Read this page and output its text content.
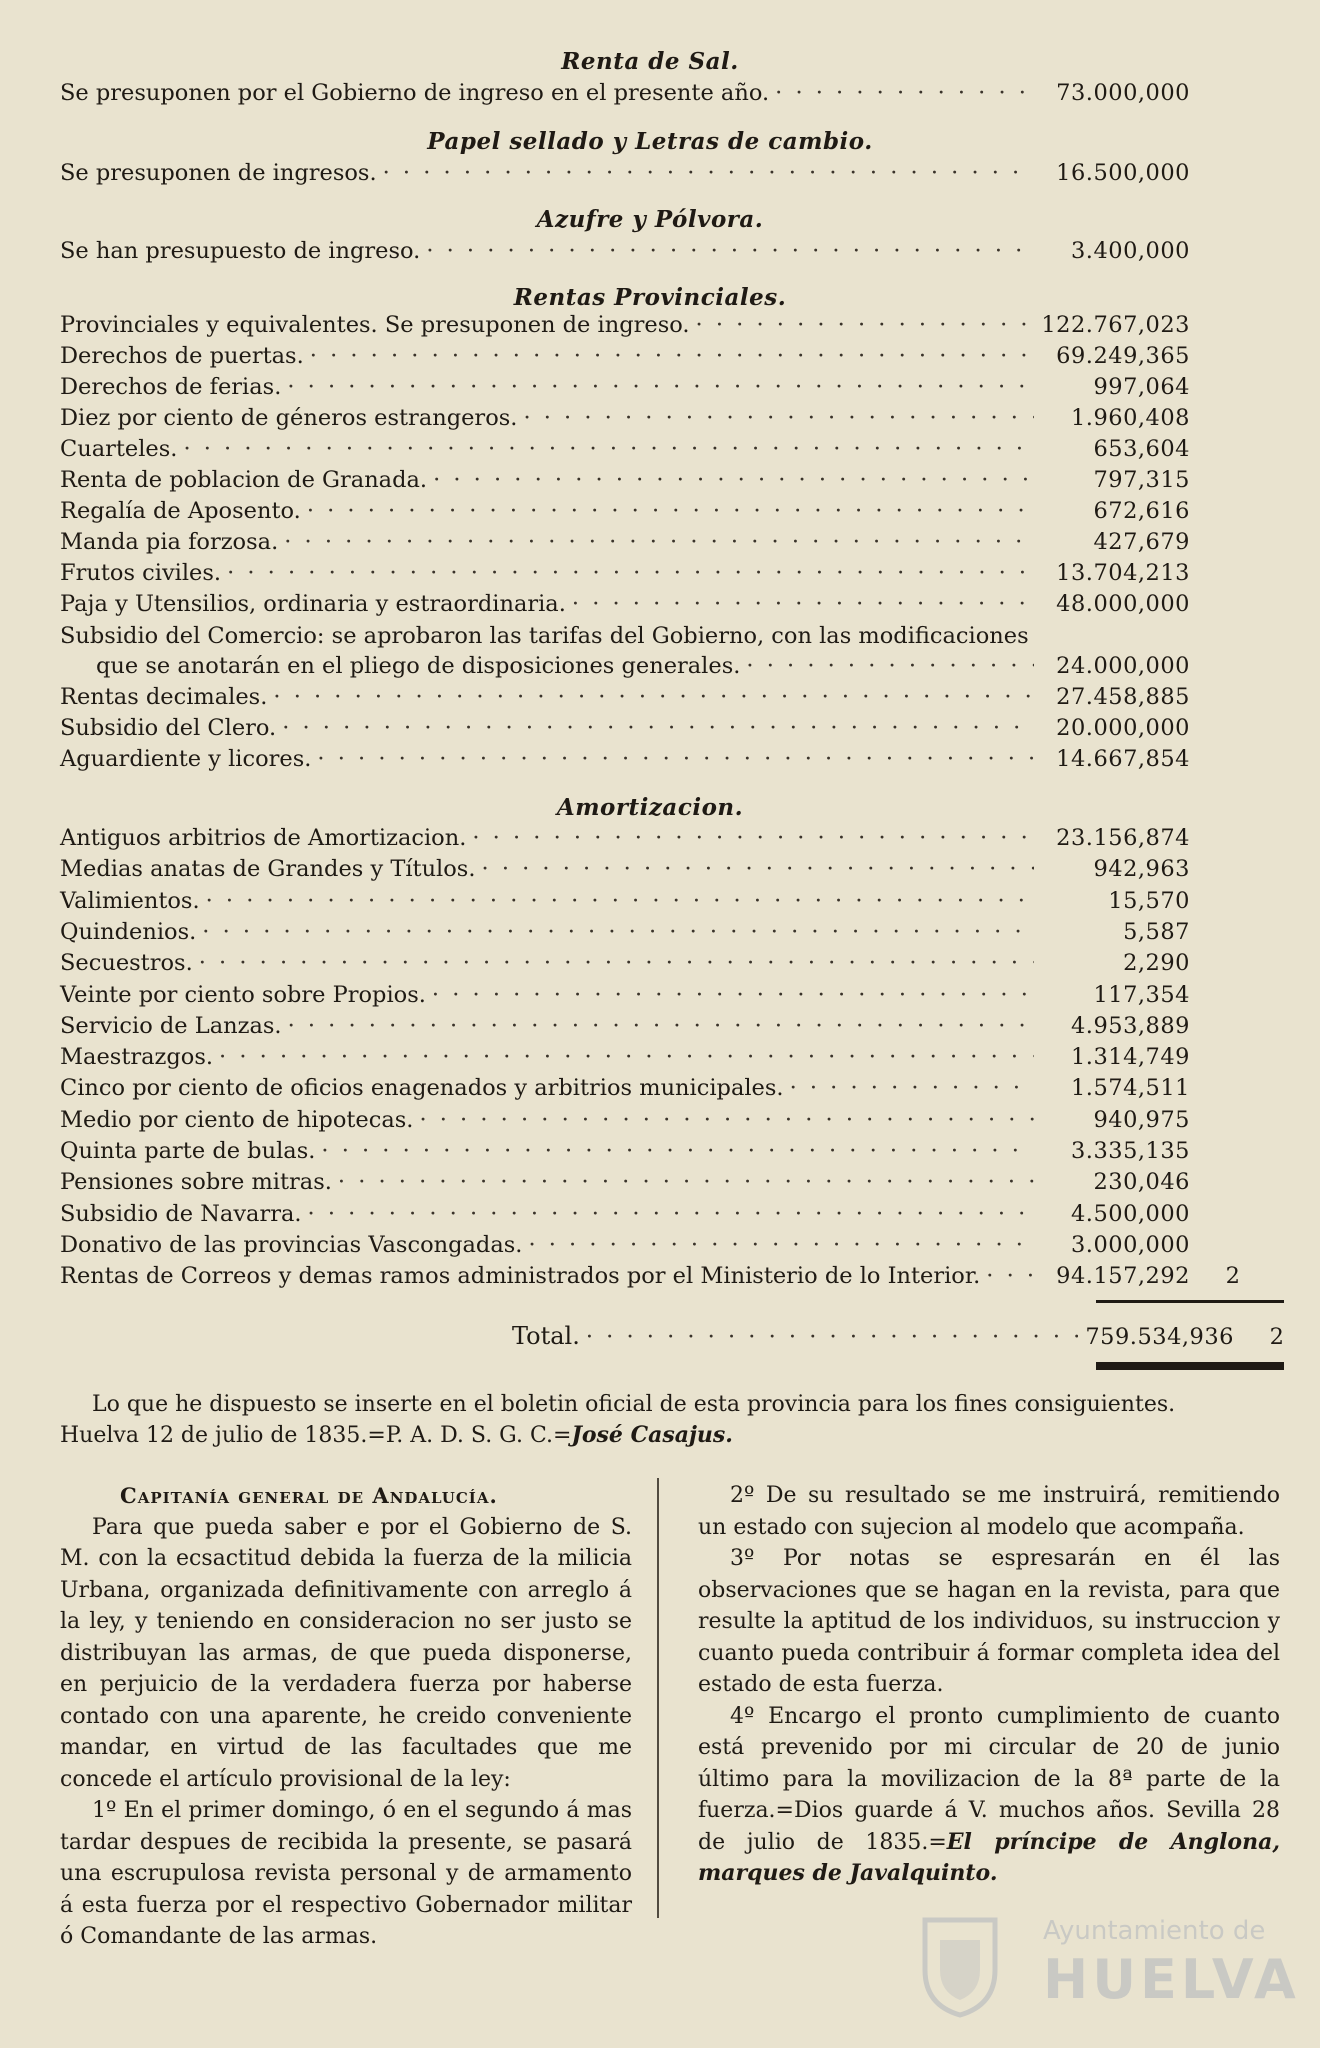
Renta de Sal.
Se presuponen por el Gobierno de ingreso en el presente año. · · ·	73.000,000
Papel sellado y Letras de cambio.
Se presuponen de ingresos. · · ·	16.500,000
Azufre y Pólvora.
Se han presupuesto de ingreso. · · ·	3.400,000
Rentas Provinciales.
Provinciales y equivalentes. Se presuponen de ingreso. · · ·	122.767,023
Derechos de puertas. · · ·	69.249,365
Derechos de ferias. · · ·	997,064
Diez por ciento de géneros estrangeros. · · ·	1.960,408
Cuarteles. · · ·	653,604
Renta de poblacion de Granada. · · ·	797,315
Regalía de Aposento. · · ·	672,616
Manda pia forzosa. · · ·	427,679
Frutos civiles. · · ·	13.704,213
Paja y Utensilios, ordinaria y estraordinaria. · · ·	48.000,000
Subsidio del Comercio: se aprobaron las tarifas del Gobierno, con las modificaciones
que se anotarán en el pliego de disposiciones generales. · · ·	24.000,000
Rentas decimales. · · ·	27.458,885
Subsidio del Clero. · · ·	20.000,000
Aguardiente y licores. · · ·	14.667,854
Amortizacion.
Antiguos arbitrios de Amortizacion. · · ·	23.156,874
Medias anatas de Grandes y Títulos. · · ·	942,963
Valimientos. · · ·	15,570
Quindenios. · · ·	5,587
Secuestros. · · ·	2,290
Veinte por ciento sobre Propios. · · ·	117,354
Servicio de Lanzas. · · ·	4.953,889
Maestrazgos. · · ·	1.314,749
Cinco por ciento de oficios enagenados y arbitrios municipales. · · ·	1.574,511
Medio por ciento de hipotecas. · · ·	940,975
Quinta parte de bulas. · · ·	3.335,135
Pensiones sobre mitras. · · ·	230,046
Subsidio de Navarra. · · ·	4.500,000
Donativo de las provincias Vascongadas. · · ·	3.000,000
Rentas de Correos y demas ramos administrados por el Ministerio de lo Interior. · · ·	94.157,292	2
Total. · · ·	759.534,936	2
Lo que he dispuesto se inserte en el boletin oficial de esta provincia para los fines consiguientes.
Huelva 12 de julio de 1835.=P. A. D. S. G. C.=José Casajus.
Capitanía general de Andalucía.

Para que pueda saber e por el Gobierno de S. M. con la ecsactitud debida la fuerza de la milicia Urbana, organizada definitivamente con arreglo á la ley, y teniendo en consideracion no ser justo se distribuyan las armas, de que pueda disponerse, en perjuicio de la verdadera fuerza por haberse contado con una aparente, he creido conveniente mandar, en virtud de las facultades que me concede el artículo provisional de la ley:

1º En el primer domingo, ó en el segundo á mas tardar despues de recibida la presente, se pasará una escrupulosa revista personal y de armamento á esta fuerza por el respectivo Gobernador militar ó Comandante de las armas.

2º De su resultado se me instruirá, remitiendo un estado con sujecion al modelo que acompaña.

3º Por notas se espresarán en él las observaciones que se hagan en la revista, para que resulte la aptitud de los individuos, su instruccion y cuanto pueda contribuir á formar completa idea del estado de esta fuerza.

4º Encargo el pronto cumplimiento de cuanto está prevenido por mi circular de 20 de junio último para la movilizacion de la 8ª parte de la fuerza.=Dios guarde á V. muchos años. Sevilla 28 de julio de 1835.=El príncipe de Anglona, marques de Javalquinto.

Ayuntamiento de
HUELVA
